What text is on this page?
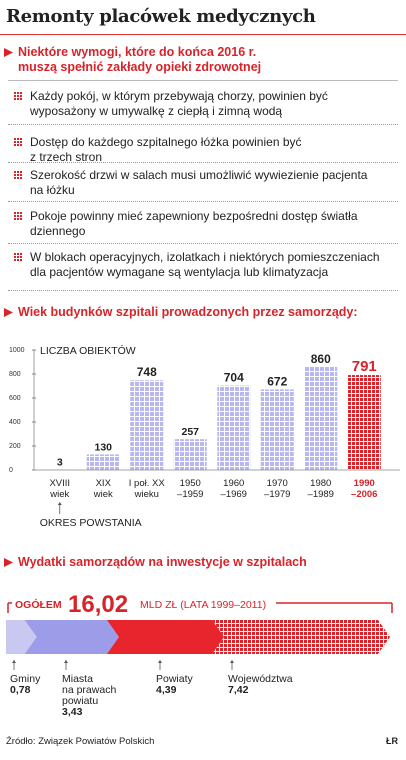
Remonty placówek medycznych
Niektóre wymogi, które do końca 2016 r.
muszą spełnić zakłady opieki zdrowotnej
Każdy pokój, w którym przebywają chorzy, powinien być
wyposażony w umywalkę z ciepłą i zimną wodą
Dostęp do każdego szpitalnego łóżka powinien być
z trzech stron
Szerokość drzwi w salach musi umożliwić wywiezienie pacjenta
na łóżku
Pokoje powinny mieć zapewniony bezpośredni dostęp światła
dziennego
W blokach operacyjnych, izolatkach i niektórych pomieszczeniach
dla pacjentów wymagane są wentylacja lub klimatyzacja
Wiek budynków szpitali prowadzonych przez samorządy:
0
200
400
600
800
1000 LICZBA OBIEKTÓW
3
XVIII
wiek
130
XIX
wiek
748
I poł. XX
wieku
257
1950
–1959
704
1960
–1969
672
1970
–1979
860
1980
–1989
791
1990
–2006
OKRES POWSTANIA
Wydatki samorządów na inwestycje w szpitalach
OGÓŁEM 16,02 MLD ZŁ (LATA 1999–2011)
Gminy
0,78
Miasta
na prawach
powiatu
3,43
Powiaty
4,39
Województwa
7,42
Źródło: Związek Powiatów Polskich	ŁR
